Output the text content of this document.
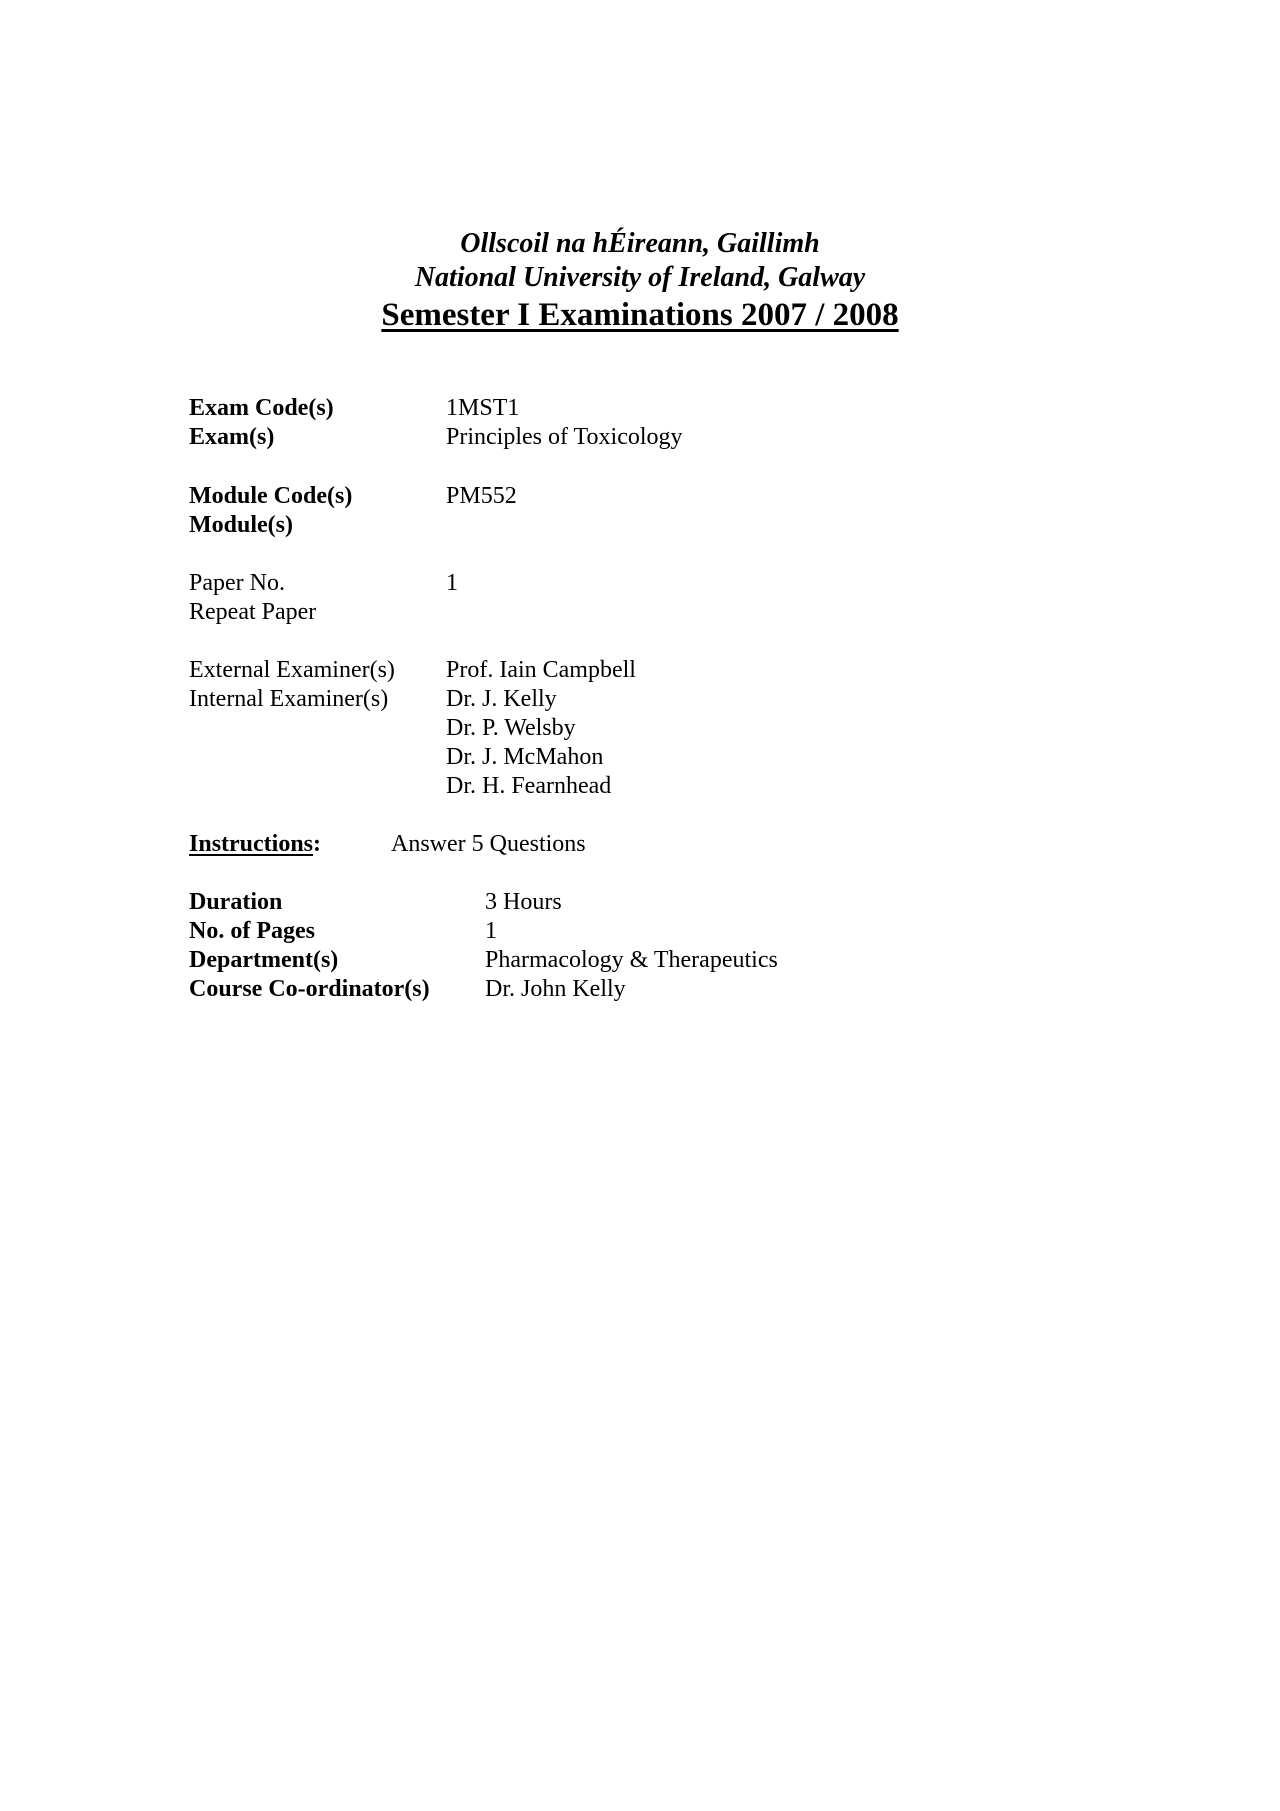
Ollscoil na hÉireann, Gaillimh
National University of Ireland, Galway
Semester I Examinations 2007 / 2008
Exam Code(s)	1MST1
Exam(s)	Principles of Toxicology
Module Code(s)	PM552
Module(s)
Paper No.	1
Repeat Paper
External Examiner(s) Prof. Iain Campbell
Internal Examiner(s) Dr. J. Kelly
Dr. P. Welsby
Dr. J. McMahon
Dr. H. Fearnhead
Instructions:	Answer 5 Questions
Duration	3 Hours
No. of Pages	1
Department(s)	Pharmacology & Therapeutics
Course Co-ordinator(s) Dr. John Kelly
